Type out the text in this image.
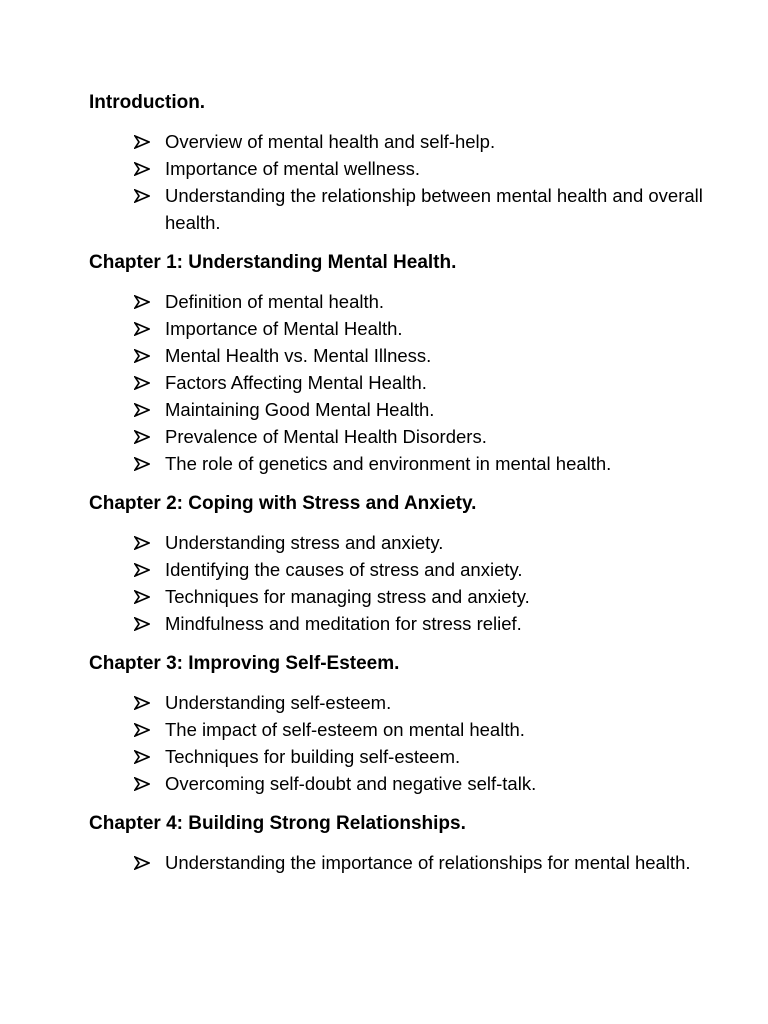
Introduction.
Overview of mental health and self-help.
Importance of mental wellness.
Understanding the relationship between mental health and overall health.
Chapter 1: Understanding Mental Health.
Definition of mental health.
Importance of Mental Health.
Mental Health vs. Mental Illness.
Factors Affecting Mental Health.
Maintaining Good Mental Health.
Prevalence of Mental Health Disorders.
The role of genetics and environment in mental health.
Chapter 2: Coping with Stress and Anxiety.
Understanding stress and anxiety.
Identifying the causes of stress and anxiety.
Techniques for managing stress and anxiety.
Mindfulness and meditation for stress relief.
Chapter 3: Improving Self-Esteem.
Understanding self-esteem.
The impact of self-esteem on mental health.
Techniques for building self-esteem.
Overcoming self-doubt and negative self-talk.
Chapter 4: Building Strong Relationships.
Understanding the importance of relationships for mental health.
